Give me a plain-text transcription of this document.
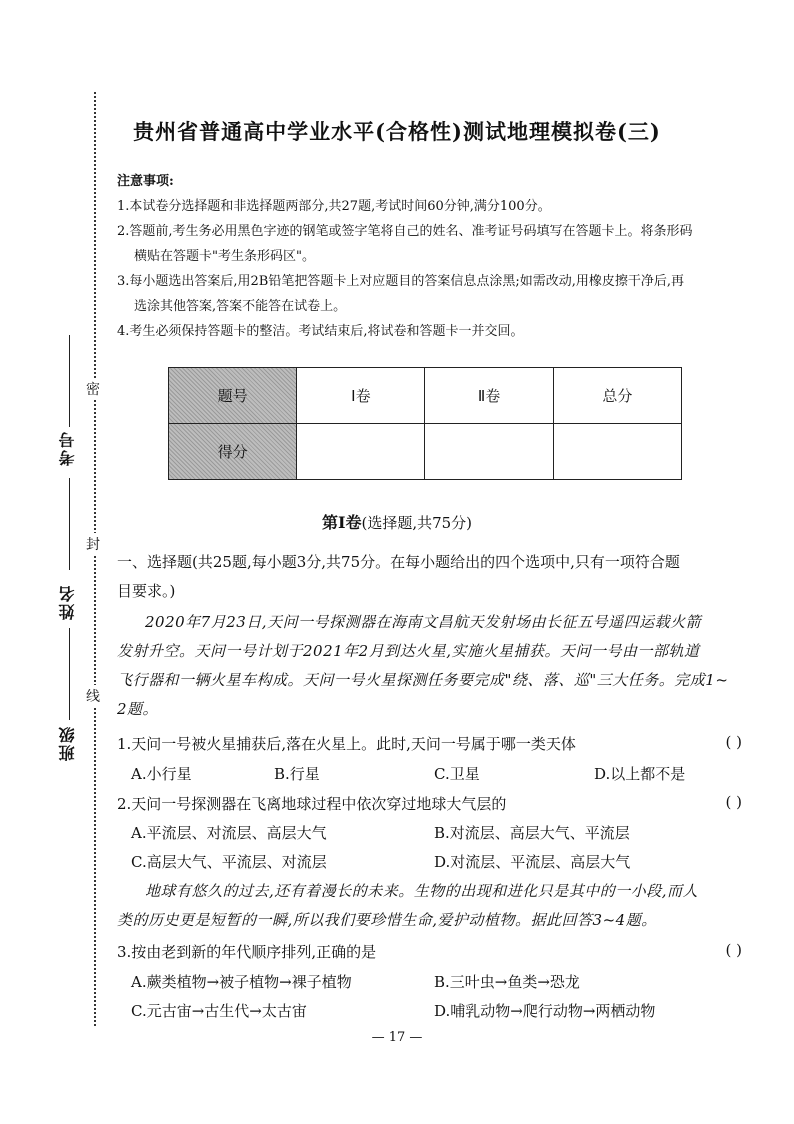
密
封
线
考号
姓名
班级
贵州省普通高中学业水平(合格性)测试地理模拟卷(三)
注意事项:
1.本试卷分选择题和非选择题两部分,共27题,考试时间60分钟,满分100分。
2.答题前,考生务必用黑色字迹的钢笔或签字笔将自己的姓名、准考证号码填写在答题卡上。将条形码
横贴在答题卡"考生条形码区"。
3.每小题选出答案后,用2B铅笔把答题卡上对应题目的答案信息点涂黑;如需改动,用橡皮擦干净后,再
选涂其他答案,答案不能答在试卷上。
4.考生必须保持答题卡的整洁。考试结束后,将试卷和答题卡一并交回。
题号	Ⅰ卷	Ⅱ卷	总分
得分			
第Ⅰ卷(选择题,共75分)
一、选择题(共25题,每小题3分,共75分。在每小题给出的四个选项中,只有一项符合题
目要求。)
2020年7月23日,天问一号探测器在海南文昌航天发射场由长征五号遥四运载火箭
发射升空。天问一号计划于2021年2月到达火星,实施火星捕获。天问一号由一部轨道
飞行器和一辆火星车构成。天问一号火星探测任务要完成"绕、落、巡"三大任务。完成1~
2题。
1.天问一号被火星捕获后,落在火星上。此时,天问一号属于哪一类天体	( )
A.小行星	B.行星	C.卫星	D.以上都不是
2.天问一号探测器在飞离地球过程中依次穿过地球大气层的	( )
A.平流层、对流层、高层大气	B.对流层、高层大气、平流层
C.高层大气、平流层、对流层	D.对流层、平流层、高层大气
地球有悠久的过去,还有着漫长的未来。生物的出现和进化只是其中的一小段,而人
类的历史更是短暂的一瞬,所以我们要珍惜生命,爱护动植物。据此回答3~4题。
3.按由老到新的年代顺序排列,正确的是	( )
A.蕨类植物→被子植物→裸子植物	B.三叶虫→鱼类→恐龙
C.元古宙→古生代→太古宙	D.哺乳动物→爬行动物→两栖动物
— 17 —
